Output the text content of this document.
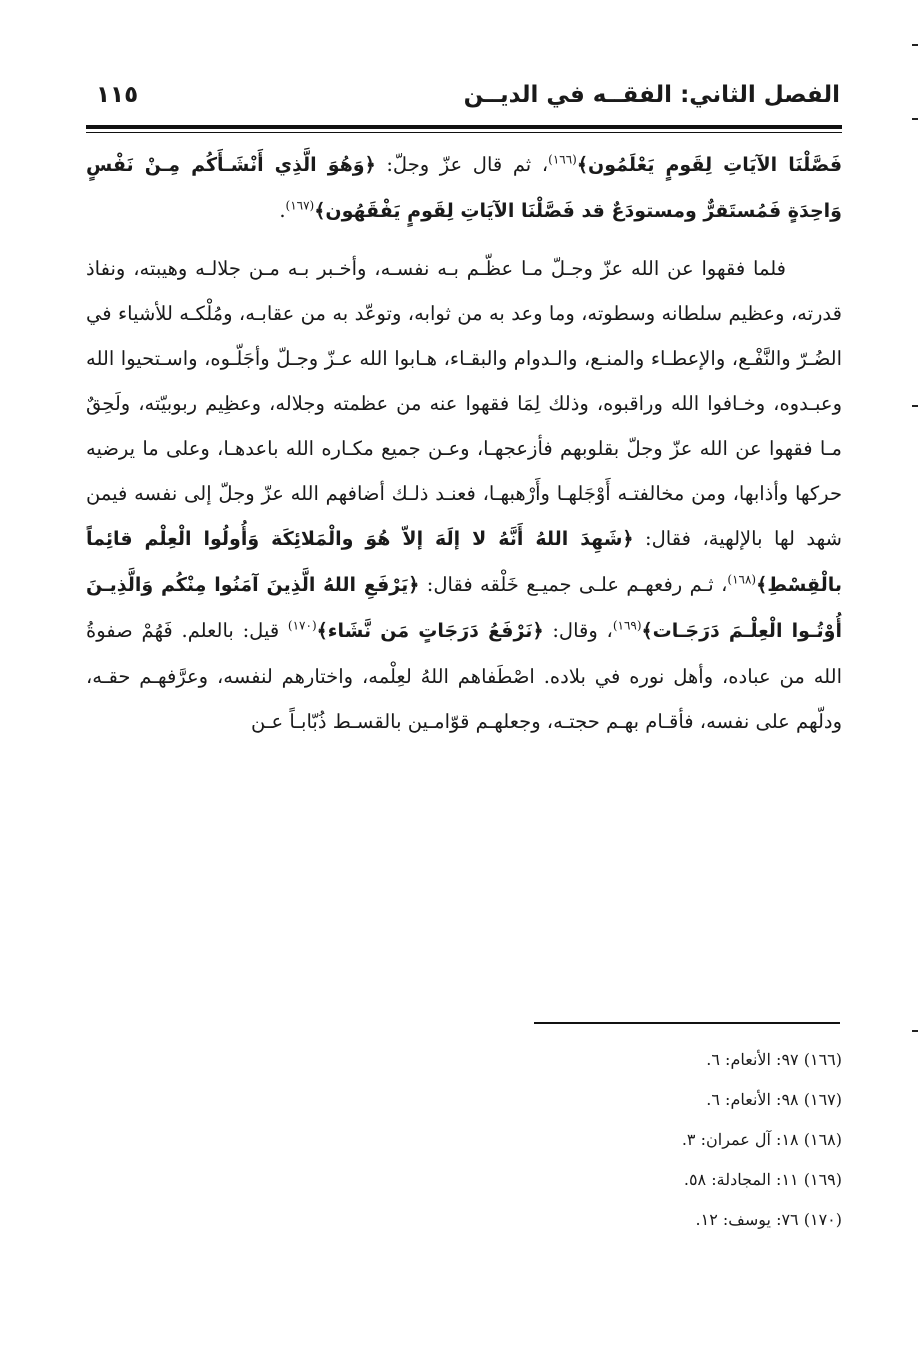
الفصل الثاني: الفقــه في الديــن
١١٥

فَصَّلْنَا الآيَاتِ لِقَومٍ يَعْلَمُون﴾$^{(١٦٦)}$، ثم قال عزّ وجلّ: ﴿وَهُوَ الَّذِي أَنْشَـأَكُم مِـنْ نَفْسٍ وَاحِدَةٍ فَمُستَقرٌّ ومستودَعٌ قد فَصَّلْنَا الآيَاتِ لِقَومٍ يَفْقَهُون﴾$^{(١٦٧)}$.

فلما فقهوا عن الله عزّ وجـلّ مـا عظّـم بـه نفسـه، وأخـبر بـه مـن جلالـه وهيبته، ونفاذ قدرته، وعظيم سلطانه وسطوته، وما وعد به من ثوابه، وتوعّد به من عقابـه، ومُلْكـه للأشياء في الضُـرّ والنَّفْـع، والإعطـاء والمنـع، والـدوام والبقـاء، هـابوا الله عـزّ وجـلّ وأجَلّـوه، واسـتحيوا الله وعبـدوه، وخـافوا الله وراقبوه، وذلك لِمَا فقهوا عنه من عظمته وجلاله، وعظِيم ربوبيّته، ولَحِقٌ مـا فقهوا عن الله عزّ وجلّ بقلوبهم فأزعجهـا، وعـن جميع مكـاره الله باعدهـا، وعلى ما يرضيه حركها وأذابها، ومن مخالفتـه أَوْجَلهـا وأَرْهبهـا، فعنـد ذلـك أضافهم الله عزّ وجلّ إلى نفسه فيمن شهد لها بالإلهية، فقال: ﴿شَهِدَ اللهُ أَنَّهُ لا إلَهَ إلاّ هُوَ والْمَلائِكَة وَأُولُوا الْعِلْم قائِماً بالْقِسْطِ﴾$^{(١٦٨)}$، ثـم رفعهـم علـى جميـع خَلْقه فقال: ﴿يَرْفَعِ اللهُ الَّذِينَ آمَنُوا مِنْكُم وَالَّذِيـنَ أُوْتُـوا الْعِلْـمَ دَرَجَـات﴾$^{(١٦٩)}$، وقال: ﴿نَرْفَعُ دَرَجَاتٍ مَن نَّشَاء﴾$^{(١٧٠)}$ قيل: بالعلم. فَهُمْ صفوةُ الله من عباده، وأهل نوره في بلاده. اصْطَفاهم اللهُ لعِلْمه، واختارهم لنفسه، وعرَّفهـم حقـه، ودلّهم على نفسه، فأقـام بهـم حجتـه، وجعلهـم قوّامـين بالقسـط ذُبّابـاً عـن

(١٦٦) ٩٧: الأنعام: ٦.
(١٦٧) ٩٨: الأنعام: ٦.
(١٦٨) ١٨: آل عمران: ٣.
(١٦٩) ١١: المجادلة: ٥٨.
(١٧٠) ٧٦: يوسف: ١٢.
